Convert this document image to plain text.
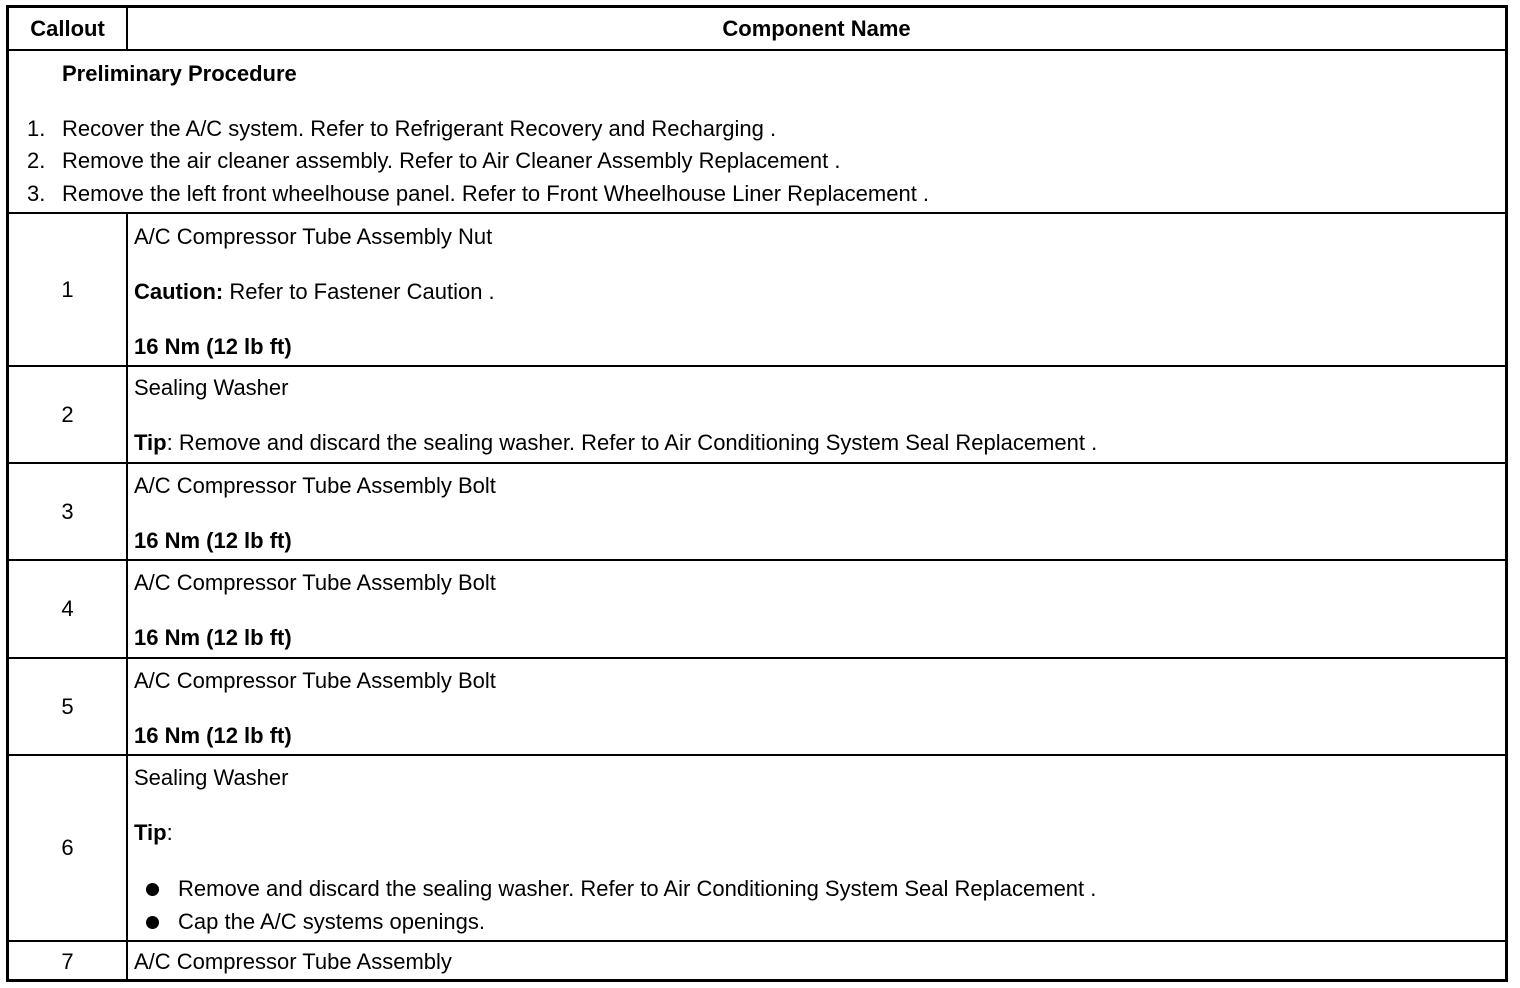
Callout	Component Name
Preliminary Procedure
1. Recover the A/C system. Refer to Refrigerant Recovery and Recharging .
2. Remove the air cleaner assembly. Refer to Air Cleaner Assembly Replacement .
3. Remove the left front wheelhouse panel. Refer to Front Wheelhouse Liner Replacement .
1
A/C Compressor Tube Assembly Nut
Caution: Refer to Fastener Caution .
16 Nm (12 lb ft)
2
Sealing Washer
Tip: Remove and discard the sealing washer. Refer to Air Conditioning System Seal Replacement .
3
A/C Compressor Tube Assembly Bolt
16 Nm (12 lb ft)
4
A/C Compressor Tube Assembly Bolt
16 Nm (12 lb ft)
5
A/C Compressor Tube Assembly Bolt
16 Nm (12 lb ft)
6
Sealing Washer
Tip:
Remove and discard the sealing washer. Refer to Air Conditioning System Seal Replacement .
Cap the A/C systems openings.
7	A/C Compressor Tube Assembly
